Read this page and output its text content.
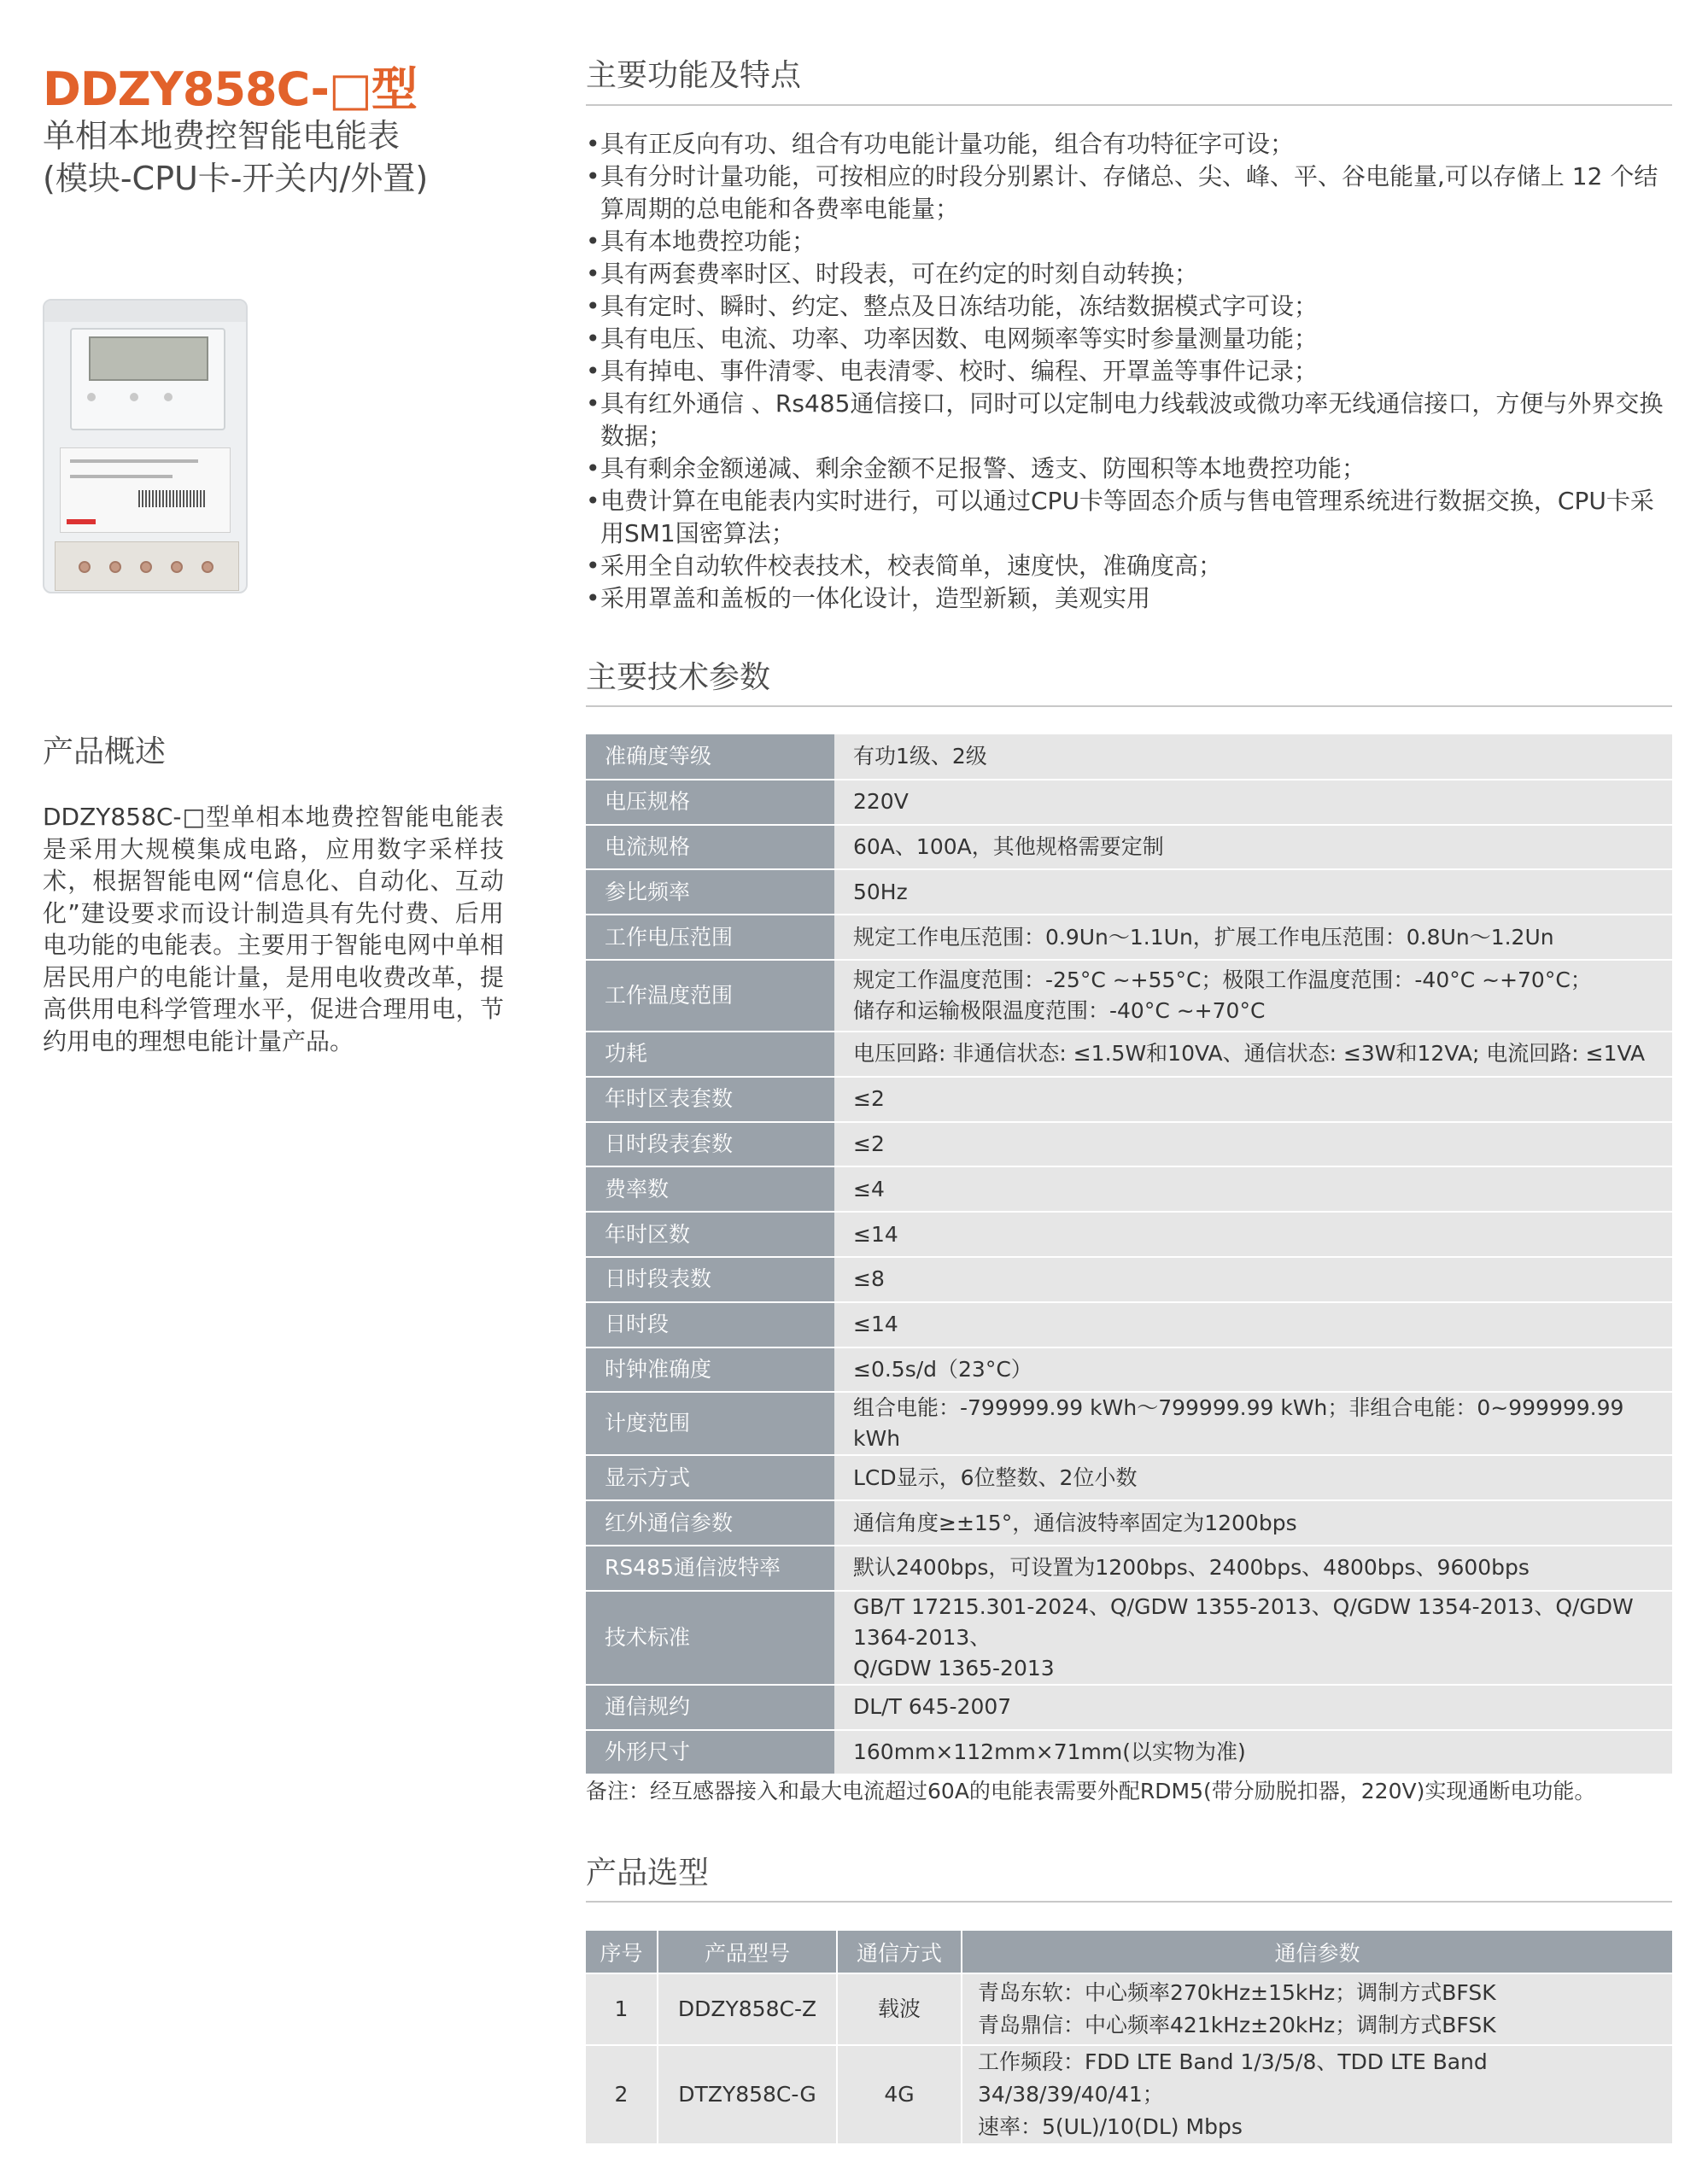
DDZY858C-□型
单相本地费控智能电能表
(模块-CPU卡-开关内/外置)
产品概述
DDZY858C-□型单相本地费控智能电能表是采用大规模集成电路，应用数字采样技术，根据智能电网“信息化、自动化、互动化”建设要求而设计制造具有先付费、后用电功能的电能表。主要用于智能电网中单相居民用户的电能计量，是用电收费改革，提高供用电科学管理水平，促进合理用电，节约用电的理想电能计量产品。
主要功能及特点
• 具有正反向有功、组合有功电能计量功能，组合有功特征字可设；
• 具有分时计量功能，可按相应的时段分别累计、存储总、尖、峰、平、谷电能量,可以存储上 12 个结算周期的总电能和各费率电能量；
• 具有本地费控功能；
• 具有两套费率时区、时段表，可在约定的时刻自动转换；
• 具有定时、瞬时、约定、整点及日冻结功能，冻结数据模式字可设；
• 具有电压、电流、功率、功率因数、电网频率等实时参量测量功能；
• 具有掉电、事件清零、电表清零、校时、编程、开罩盖等事件记录；
• 具有红外通信 、Rs485通信接口，同时可以定制电力线载波或微功率无线通信接口，方便与外界交换数据；
• 具有剩余金额递减、剩余金额不足报警、透支、防囤积等本地费控功能；
• 电费计算在电能表内实时进行，可以通过CPU卡等固态介质与售电管理系统进行数据交换，CPU卡采用SM1国密算法；
• 采用全自动软件校表技术，校表简单，速度快，准确度高；
• 采用罩盖和盖板的一体化设计，造型新颖，美观实用
主要技术参数
准确度等级	有功1级、2级

电压规格	220V

电流规格	60A、100A，其他规格需要定制

参比频率	50Hz

工作电压范围	规定工作电压范围：0.9Un～1.1Un，扩展工作电压范围：0.8Un～1.2Un

工作温度范围	规定工作温度范围：-25°C ~+55°C；极限工作温度范围：-40°C ~+70°C；
储存和运输极限温度范围：-40°C ~+70°C

功耗	电压回路: 非通信状态: ≤1.5W和10VA、通信状态: ≤3W和12VA; 电流回路: ≤1VA

年时区表套数	≤2

日时段表套数	≤2

费率数	≤4

年时区数	≤14

日时段表数	≤8

日时段	≤14

时钟准确度	≤0.5s/d（23°C）

计度范围	组合电能：-799999.99 kWh～799999.99 kWh；非组合电能：0~999999.99 kWh

显示方式	LCD显示，6位整数、2位小数

红外通信参数	通信角度≥±15°，通信波特率固定为1200bps

RS485通信波特率	默认2400bps，可设置为1200bps、2400bps、4800bps、9600bps

技术标准	GB/T 17215.301-2024、Q/GDW 1355-2013、Q/GDW 1354-2013、Q/GDW 1364-2013、
Q/GDW 1365-2013

通信规约	DL/T 645-2007

外形尺寸	160mm×112mm×71mm(以实物为准)
备注：经互感器接入和最大电流超过60A的电能表需要外配RDM5(带分励脱扣器，220V)实现通断电功能。
产品选型
序号	产品型号	通信方式	通信参数
1	DDZY858C-Z	载波	青岛东软：中心频率270kHz±15kHz；调制方式BFSK
青岛鼎信：中心频率421kHz±20kHz；调制方式BFSK

2	DTZY858C-G	4G	工作频段：FDD LTE Band 1/3/5/8、TDD LTE Band 34/38/39/40/41；
速率：5(UL)/10(DL) Mbps
